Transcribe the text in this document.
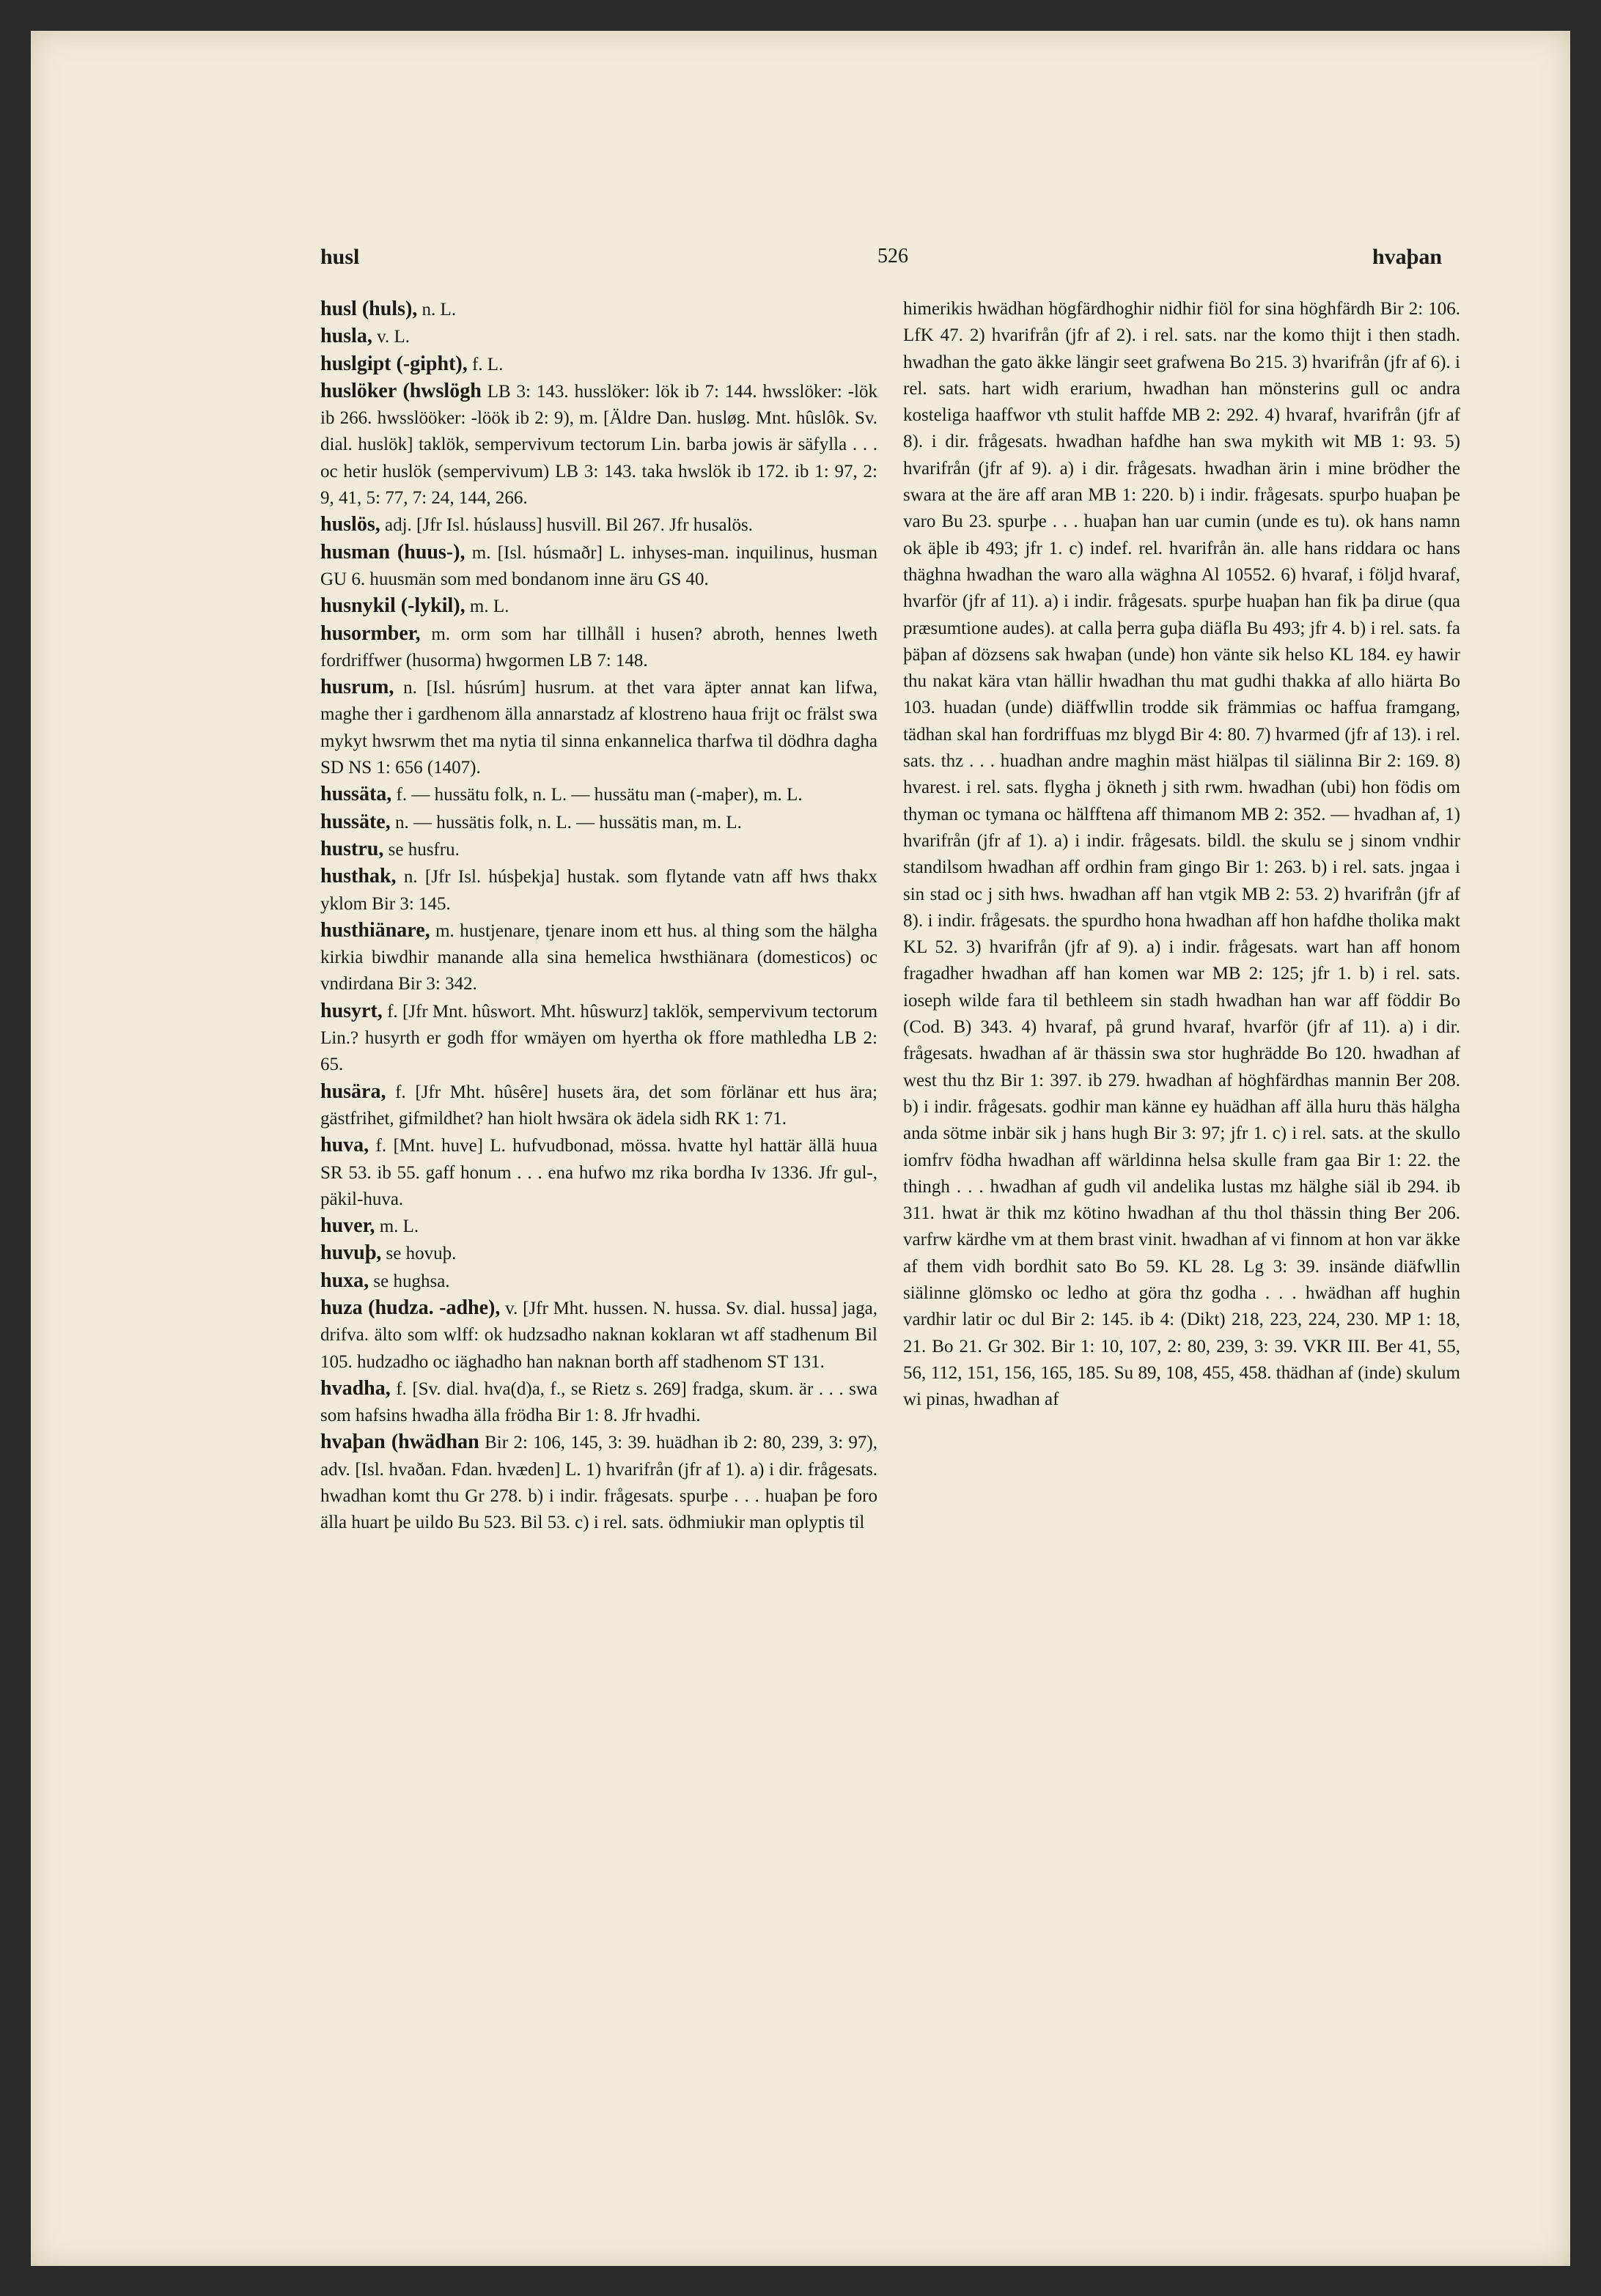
husl	526	hvaþan

husl (huls), n. L.

husla, v. L.

huslgipt (-gipht), f. L.

huslöker (hwslögh LB 3: 143. husslöker: lök ib 7: 144. hwsslöker: -lök ib 266. hwsslööker: -löök ib 2: 9), m. [Äldre Dan. husløg. Mnt. hûslôk. Sv. dial. huslök] taklök, sempervivum tectorum Lin. barba jowis är säfylla . . . oc hetir huslök (sempervivum) LB 3: 143. taka hwslök ib 172. ib 1: 97, 2: 9, 41, 5: 77, 7: 24, 144, 266.

huslös, adj. [Jfr Isl. húslauss] husvill. Bil 267. Jfr husalös.

husman (huus-), m. [Isl. húsmaðr] L. inhyses-man. inquilinus, husman GU 6. huusmän som med bondanom inne äru GS 40.

husnykil (-lykil), m. L.

husormber, m. orm som har tillhåll i husen? abroth, hennes lweth fordriffwer (husorma) hwgormen LB 7: 148.

husrum, n. [Isl. húsrúm] husrum. at thet vara äpter annat kan lifwa, maghe ther i gardhenom älla annarstadz af klostreno haua frijt oc frälst swa mykyt hwsrwm thet ma nytia til sinna enkannelica tharfwa til dödhra dagha SD NS 1: 656 (1407).

hussäta, f. — hussätu folk, n. L. — hussätu man (-maþer), m. L.

hussäte, n. — hussätis folk, n. L. — hussätis man, m. L.

hustru, se husfru.

husthak, n. [Jfr Isl. húsþekja] hustak. som flytande vatn aff hws thakx yklom Bir 3: 145.

husthiänare, m. hustjenare, tjenare inom ett hus. al thing som the hälgha kirkia biwdhir manande alla sina hemelica hwsthiänara (domesticos) oc vndirdana Bir 3: 342.

husyrt, f. [Jfr Mnt. hûswort. Mht. hûswurz] taklök, sempervivum tectorum Lin.? husyrth er godh ffor wmäyen om hyertha ok ffore mathledha LB 2: 65.

husära, f. [Jfr Mht. hûsêre] husets ära, det som förlänar ett hus ära; gästfrihet, gifmildhet? han hiolt hwsära ok ädela sidh RK 1: 71.

huva, f. [Mnt. huve] L. hufvudbonad, mössa. hvatte hyl hattär ällä huua SR 53. ib 55. gaff honum . . . ena hufwo mz rika bordha Iv 1336. Jfr gul-, päkil-huva.

huver, m. L.

huvuþ, se hovuþ.

huxa, se hughsa.

huza (hudza. -adhe), v. [Jfr Mht. hussen. N. hussa. Sv. dial. hussa] jaga, drifva. älto som wlff: ok hudzsadho naknan koklaran wt aff stadhenum Bil 105. hudzadho oc iäghadho han naknan borth aff stadhenom ST 131.

hvadha, f. [Sv. dial. hva(d)a, f., se Rietz s. 269] fradga, skum. är . . . swa som hafsins hwadha älla frödha Bir 1: 8. Jfr hvadhi.

hvaþan (hwädhan Bir 2: 106, 145, 3: 39. huädhan ib 2: 80, 239, 3: 97), adv. [Isl. hvaðan. Fdan. hvæden] L. 1) hvarifrån (jfr af 1). a) i dir. frågesats. hwadhan komt thu Gr 278. b) i indir. frågesats. spurþe . . . huaþan þe foro älla huart þe uildo Bu 523. Bil 53. c) i rel. sats. ödhmiukir man oplyptis til

himerikis hwädhan högfärdhoghir nidhir fiöl for sina höghfärdh Bir 2: 106. LfK 47. 2) hvarifrån (jfr af 2). i rel. sats. nar the komo thijt i then stadh. hwadhan the gato äkke längir seet grafwena Bo 215. 3) hvarifrån (jfr af 6). i rel. sats. hart widh erarium, hwadhan han mönsterins gull oc andra kosteliga haaffwor vth stulit haffde MB 2: 292. 4) hvaraf, hvarifrån (jfr af 8). i dir. frågesats. hwadhan hafdhe han swa mykith wit MB 1: 93. 5) hvarifrån (jfr af 9). a) i dir. frågesats. hwadhan ärin i mine brödher the swara at the äre aff aran MB 1: 220. b) i indir. frågesats. spurþo huaþan þe varo Bu 23. spurþe . . . huaþan han uar cumin (unde es tu). ok hans namn ok äþle ib 493; jfr 1. c) indef. rel. hvarifrån än. alle hans riddara oc hans thäghna hwadhan the waro alla wäghna Al 10552. 6) hvaraf, i följd hvaraf, hvarför (jfr af 11). a) i indir. frågesats. spurþe huaþan han fik þa dirue (qua præsumtione audes). at calla þerra guþa diäfla Bu 493; jfr 4. b) i rel. sats. fa þäþan af dözsens sak hwaþan (unde) hon vänte sik helso KL 184. ey hawir thu nakat kära vtan hällir hwadhan thu mat gudhi thakka af allo hiärta Bo 103. huadan (unde) diäffwllin trodde sik främmias oc haffua framgang, tädhan skal han fordriffuas mz blygd Bir 4: 80. 7) hvarmed (jfr af 13). i rel. sats. thz . . . huadhan andre maghin mäst hiälpas til siälinna Bir 2: 169. 8) hvarest. i rel. sats. flygha j ökneth j sith rwm. hwadhan (ubi) hon födis om thyman oc tymana oc hälfftena aff thimanom MB 2: 352. — hvadhan af, 1) hvarifrån (jfr af 1). a) i indir. frågesats. bildl. the skulu se j sinom vndhir standilsom hwadhan aff ordhin fram gingo Bir 1: 263. b) i rel. sats. jngaa i sin stad oc j sith hws. hwadhan aff han vtgik MB 2: 53. 2) hvarifrån (jfr af 8). i indir. frågesats. the spurdho hona hwadhan aff hon hafdhe tholika makt KL 52. 3) hvarifrån (jfr af 9). a) i indir. frågesats. wart han aff honom fragadher hwadhan aff han komen war MB 2: 125; jfr 1. b) i rel. sats. ioseph wilde fara til bethleem sin stadh hwadhan han war aff föddir Bo (Cod. B) 343. 4) hvaraf, på grund hvaraf, hvarför (jfr af 11). a) i dir. frågesats. hwadhan af är thässin swa stor hughrädde Bo 120. hwadhan af west thu thz Bir 1: 397. ib 279. hwadhan af höghfärdhas mannin Ber 208. b) i indir. frågesats. godhir man känne ey huädhan aff älla huru thäs hälgha anda sötme inbär sik j hans hugh Bir 3: 97; jfr 1. c) i rel. sats. at the skullo iomfrv födha hwadhan aff wärldinna helsa skulle fram gaa Bir 1: 22. the thingh . . . hwadhan af gudh vil andelika lustas mz hälghe siäl ib 294. ib 311. hwat är thik mz kötino hwadhan af thu thol thässin thing Ber 206. varfrw kärdhe vm at them brast vinit. hwadhan af vi finnom at hon var äkke af them vidh bordhit sato Bo 59. KL 28. Lg 3: 39. insände diäfwllin siälinne glömsko oc ledho at göra thz godha . . . hwädhan aff hughin vardhir latir oc dul Bir 2: 145. ib 4: (Dikt) 218, 223, 224, 230. MP 1: 18, 21. Bo 21. Gr 302. Bir 1: 10, 107, 2: 80, 239, 3: 39. VKR III. Ber 41, 55, 56, 112, 151, 156, 165, 185. Su 89, 108, 455, 458. thädhan af (inde) skulum wi pinas, hwadhan af
